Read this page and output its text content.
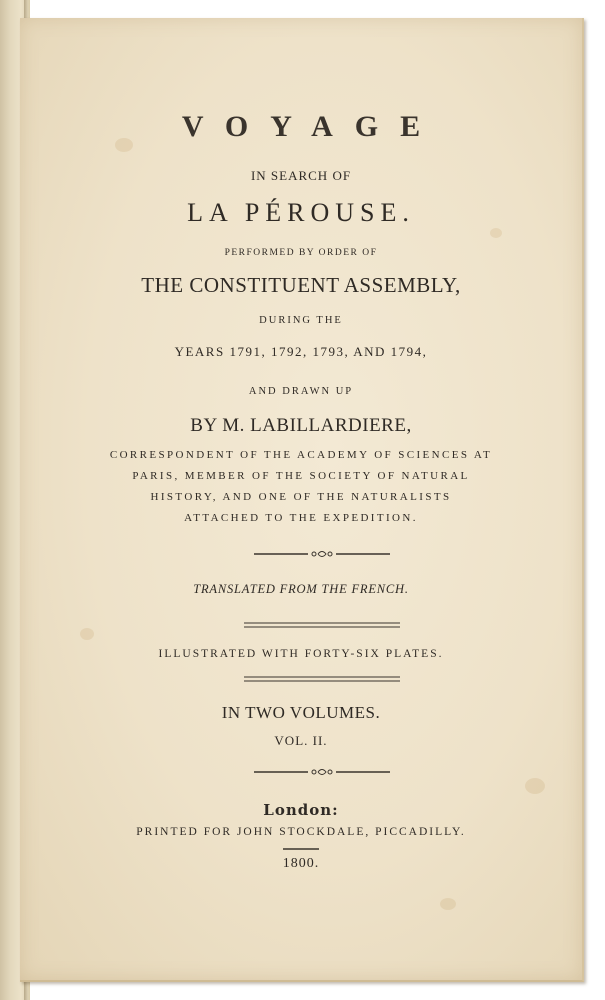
VOYAGE
IN SEARCH OF
LA PÉROUSE.
PERFORMED BY ORDER OF
THE CONSTITUENT ASSEMBLY,
DURING THE
YEARS 1791, 1792, 1793, AND 1794,
AND DRAWN UP
BY M. LABILLARDIERE,
CORRESPONDENT OF THE ACADEMY OF SCIENCES AT
PARIS, MEMBER OF THE SOCIETY OF NATURAL
HISTORY, AND ONE OF THE NATURALISTS
ATTACHED TO THE EXPEDITION.
TRANSLATED FROM THE FRENCH.
ILLUSTRATED WITH FORTY-SIX PLATES.
IN TWO VOLUMES.
VOL. II.
London:
PRINTED FOR JOHN STOCKDALE, PICCADILLY.
1800.
